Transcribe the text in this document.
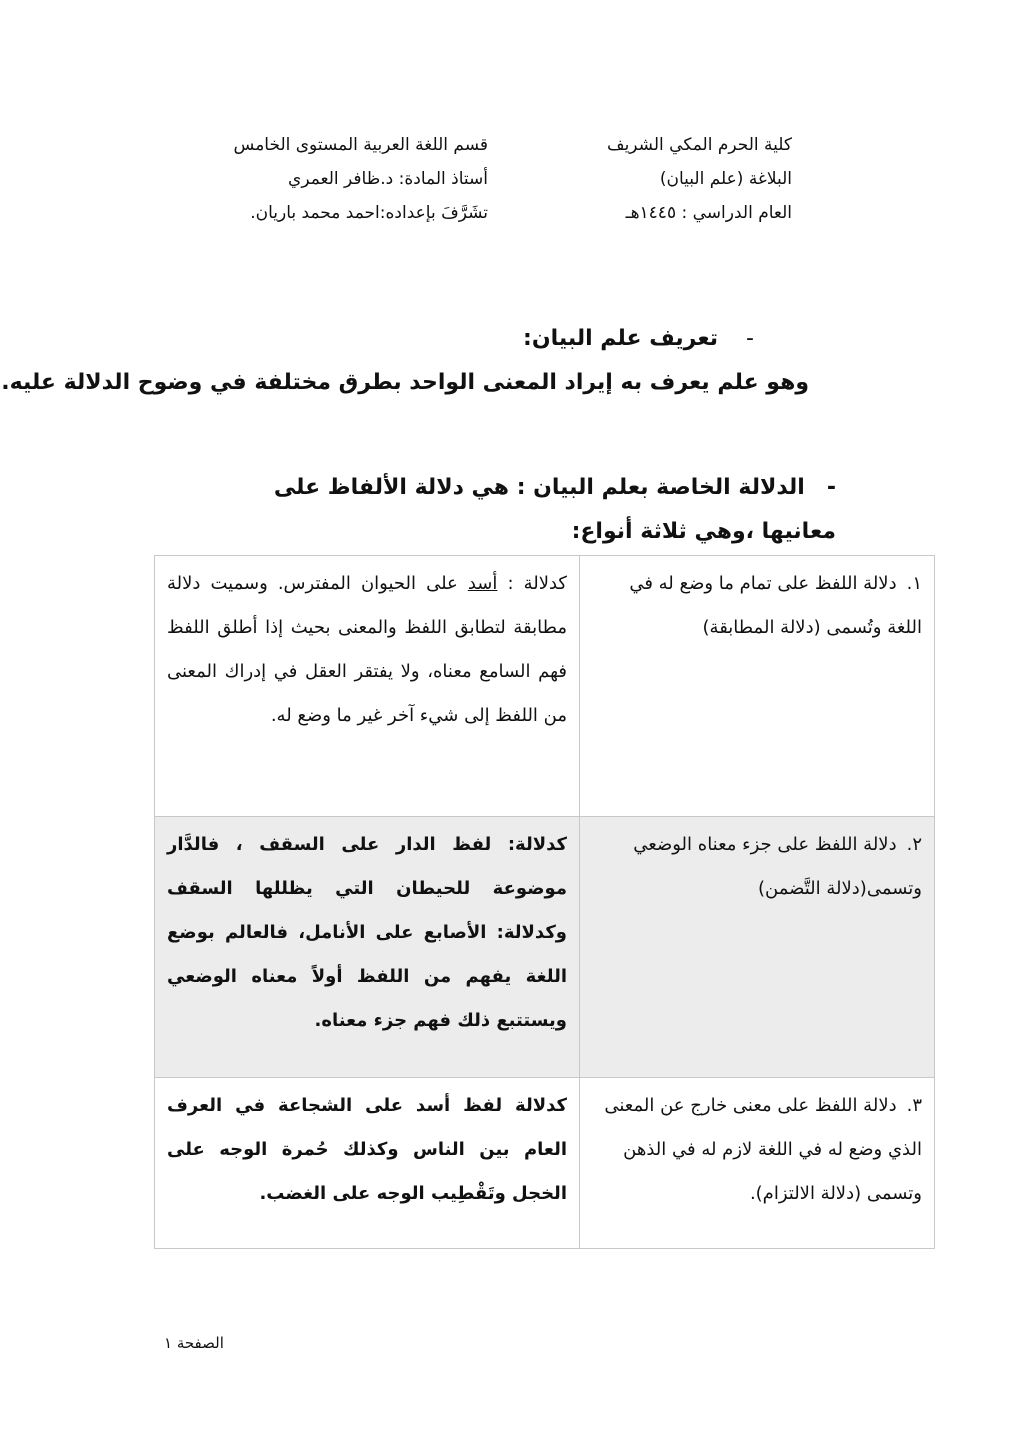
كلية الحرم المكي الشريف
البلاغة (علم البيان)
العام الدراسي : ١٤٤٥هـ
قسم اللغة العربية المستوى الخامس
أستاذ المادة: د.ظافر العمري
تشَرَّفَ بإعداده:احمد محمد باريان.
-تعريف علم البيان:
وهو علم يعرف به إيراد المعنى الواحد بطرق مختلفة في وضوح الدلالة عليه.
-الدلالة الخاصة بعلم البيان : هي دلالة الألفاظ على معانيها ،وهي ثلاثة أنواع:
١.دلالة اللفظ على تمام ما وضع له في اللغة وتُسمى (دلالة المطابقة)	كدلالة : أسد على الحيوان المفترس. وسميت دلالة مطابقة لتطابق اللفظ والمعنى بحيث إذا أطلق اللفظ فهم السامع معناه، ولا يفتقر العقل في إدراك المعنى من اللفظ إلى شيء آخر غير ما وضع له.
٢.دلالة اللفظ على جزء معناه الوضعي وتسمى(دلالة التَّضمن)	كدلالة: لفظ الدار على السقف ، فالدَّار موضوعة للحيطان التي يظللها السقف وكدلالة: الأصابع على الأنامل، فالعالم بوضع اللغة يفهم من اللفظ أولاً معناه الوضعي ويستتبع ذلك فهم جزء معناه.
٣.دلالة اللفظ على معنى خارج عن المعنى الذي وضع له في اللغة لازم له في الذهن وتسمى (دلالة الالتزام).	كدلالة لفظ أسد على الشجاعة في العرف العام بين الناس وكذلك حُمرة الوجه على الخجل وتَقْطِيب الوجه على الغضب.
الصفحة ١
